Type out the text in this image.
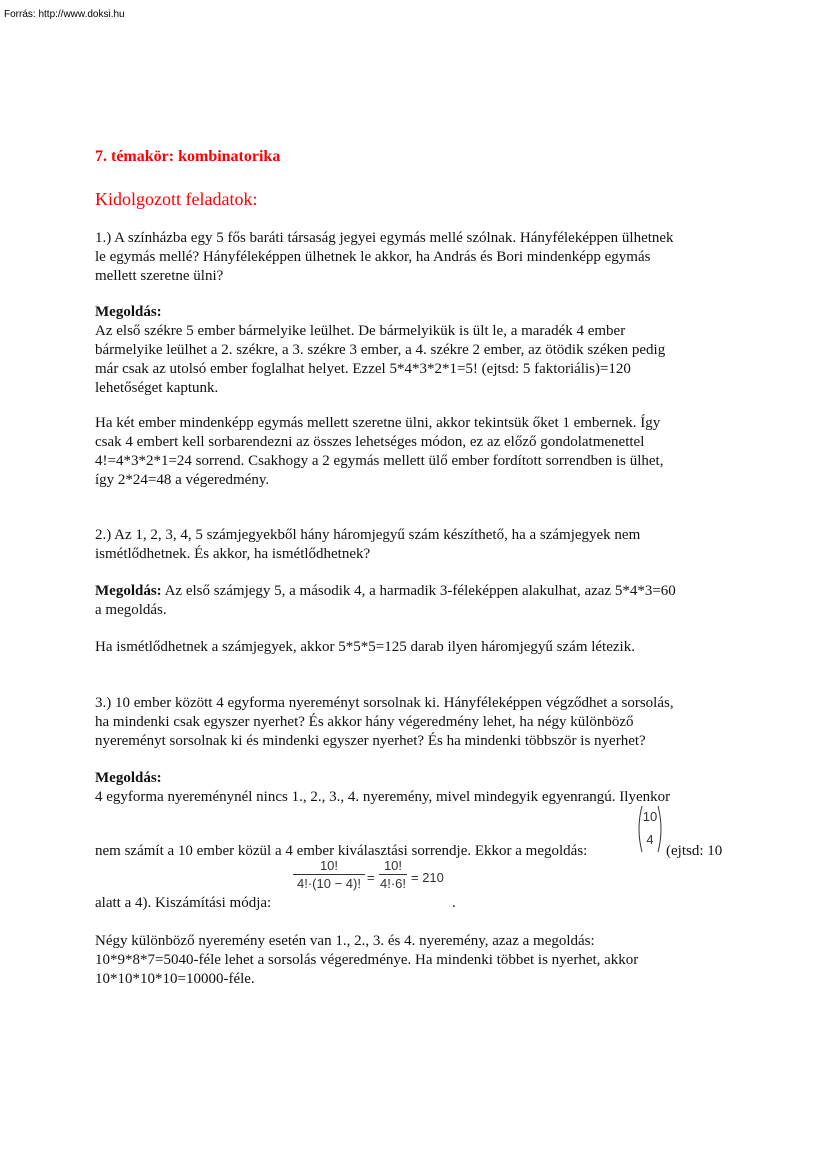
Forrás: http://www.doksi.hu
7. témakör: kombinatorika
Kidolgozott feladatok:
1.) A színházba egy 5 fős baráti társaság jegyei egymás mellé szólnak. Hányféleképpen ülhetnek
le egymás mellé? Hányféleképpen ülhetnek le akkor, ha András és Bori mindenképp egymás
mellett szeretne ülni?
Megoldás:
Az első székre 5 ember bármelyike leülhet. De bármelyikük is ült le, a maradék 4 ember
bármelyike leülhet a 2. székre, a 3. székre 3 ember, a 4. székre 2 ember, az ötödik széken pedig
már csak az utolsó ember foglalhat helyet. Ezzel 5*4*3*2*1=5! (ejtsd: 5 faktoriális)=120
lehetőséget kaptunk.
Ha két ember mindenképp egymás mellett szeretne ülni, akkor tekintsük őket 1 embernek. Így
csak 4 embert kell sorbarendezni az összes lehetséges módon, ez az előző gondolatmenettel
4!=4*3*2*1=24 sorrend. Csakhogy a 2 egymás mellett ülő ember fordított sorrendben is ülhet,
így 2*24=48 a végeredmény.
2.) Az 1, 2, 3, 4, 5 számjegyekből hány háromjegyű szám készíthető, ha a számjegyek nem
ismétlődhetnek. És akkor, ha ismétlődhetnek?
Megoldás: Az első számjegy 5, a második 4, a harmadik 3-féleképpen alakulhat, azaz 5*4*3=60
a megoldás.
Ha ismétlődhetnek a számjegyek, akkor 5*5*5=125 darab ilyen háromjegyű szám létezik.
3.) 10 ember között 4 egyforma nyereményt sorsolnak ki. Hányféleképpen végződhet a sorsolás,
ha mindenki csak egyszer nyerhet? És akkor hány végeredmény lehet, ha négy különböző
nyereményt sorsolnak ki és mindenki egyszer nyerhet? És ha mindenki többször is nyerhet?
Megoldás:
4 egyforma nyereménynél nincs 1., 2., 3., 4. nyeremény, mivel mindegyik egyenrangú. Ilyenkor
nem számít a 10 ember közül a 4 ember kiválasztási sorrendje. Ekkor a megoldás:	(ejtsd: 10
10
4
alatt a 4). Kiszámítási módja:
10!
4!·(10 − 4)! =
10!
4!·6! = 210
.
Négy különböző nyeremény esetén van 1., 2., 3. és 4. nyeremény, azaz a megoldás:
10*9*8*7=5040-féle lehet a sorsolás végeredménye. Ha mindenki többet is nyerhet, akkor
10*10*10*10=10000-féle.
